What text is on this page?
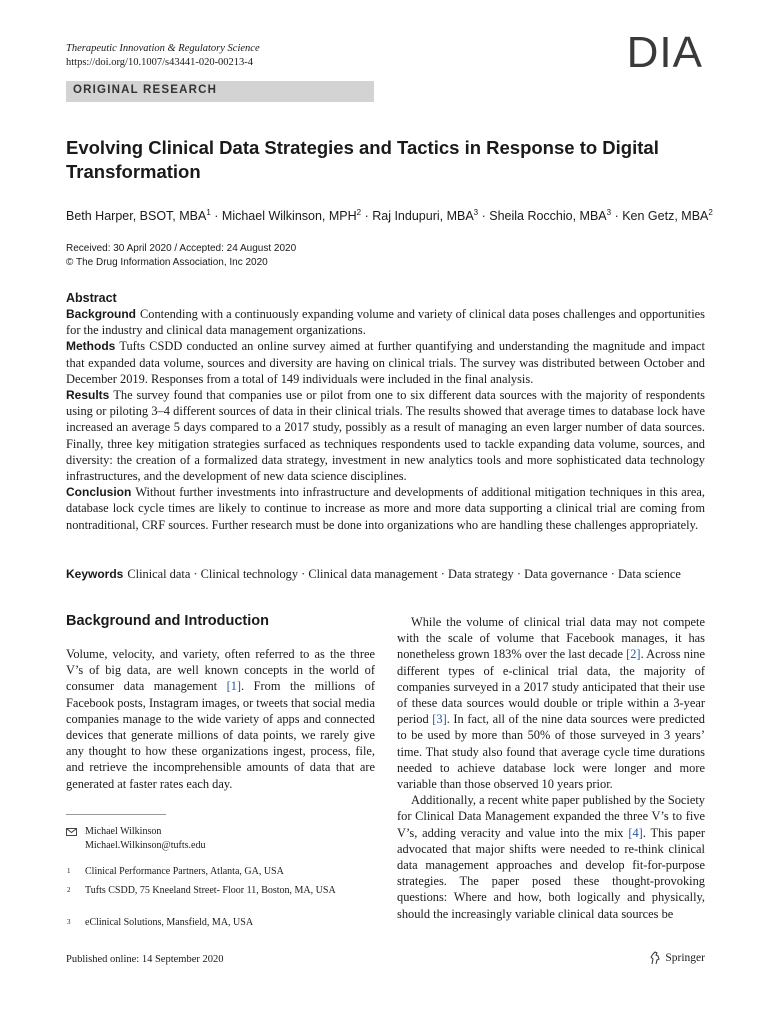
Therapeutic Innovation & Regulatory Science
https://doi.org/10.1007/s43441-020-00213-4	DIA
ORIGINAL RESEARCH
Evolving Clinical Data Strategies and Tactics in Response to Digital Transformation
Beth Harper, BSOT, $MBA^1$ · Michael Wilkinson, $MPH^2$ · Raj Indupuri, $MBA^3$ · Sheila Rocchio, $MBA^3$ · Ken Getz, MBA$^2$
Received: 30 April 2020 / Accepted: 24 August 2020
© The Drug Information Association, Inc 2020
Abstract

Background Contending with a continuously expanding volume and variety of clinical data poses challenges and opportunities for the industry and clinical data management organizations.

Methods Tufts CSDD conducted an online survey aimed at further quantifying and understanding the magnitude and impact that expanded data volume, sources and diversity are having on clinical trials. The survey was distributed between October and December 2019. Responses from a total of 149 individuals were included in the final analysis.

Results The survey found that companies use or pilot from one to six different data sources with the majority of respondents using or piloting 3–4 different sources of data in their clinical trials. The results showed that average times to database lock have increased an average 5 days compared to a 2017 study, possibly as a result of managing an even larger number of data sources. Finally, three key mitigation strategies surfaced as techniques respondents used to tackle expanding data volume, sources, and diversity: the creation of a formalized data strategy, investment in new analytics tools and more sophisticated data technology infrastructures, and the development of new data science disciplines.

Conclusion Without further investments into infrastructure and developments of additional mitigation techniques in this area, database lock cycle times are likely to continue to increase as more and more data supporting a clinical trial are coming from nontraditional, CRF sources. Further research must be done into organizations who are handling these challenges appropriately.

Keywords Clinical data · Clinical technology · Clinical data management · Data strategy · Data governance · Data science
Background and Introduction

Volume, velocity, and variety, often referred to as the three V’s of big data, are well known concepts in the world of consumer data management [1]. From the millions of Facebook posts, Instagram images, or tweets that social media companies manage to the wide variety of apps and connected devices that generate millions of data points, we rarely give any thought to how these organizations ingest, process, file, and retrieve the incomprehensible amounts of data that are generated at faster rates each day.

While the volume of clinical trial data may not compete with the scale of volume that Facebook manages, it has nonetheless grown 183% over the last decade [2]. Across nine different types of e-clinical trial data, the majority of companies surveyed in a 2017 study anticipated that their use of these data sources would double or triple within a 3-year period [3]. In fact, all of the nine data sources were predicted to be used by more than 50% of those surveyed in 3 years’ time. That study also found that average cycle time durations needed to achieve database lock were longer and more variable than those observed 10 years prior.

Additionally, a recent white paper published by the Society for Clinical Data Management expanded the three V’s to five V’s, adding veracity and value into the mix [4]. This paper advocated that major shifts were needed to re-think clinical data management approaches and develop fit-for-purpose strategies. The paper posed these thought-provoking questions: Where and how, both logically and physically, should the increasingly variable clinical data sources be

Michael Wilkinson
Michael.Wilkinson@tufts.edu
1 Clinical Performance Partners, Atlanta, GA, USA
2 Tufts CSDD, 75 Kneeland Street- Floor 11, Boston, MA, USA
3 eClinical Solutions, Mansfield, MA, USA
Published online: 14 September 2020	Springer
